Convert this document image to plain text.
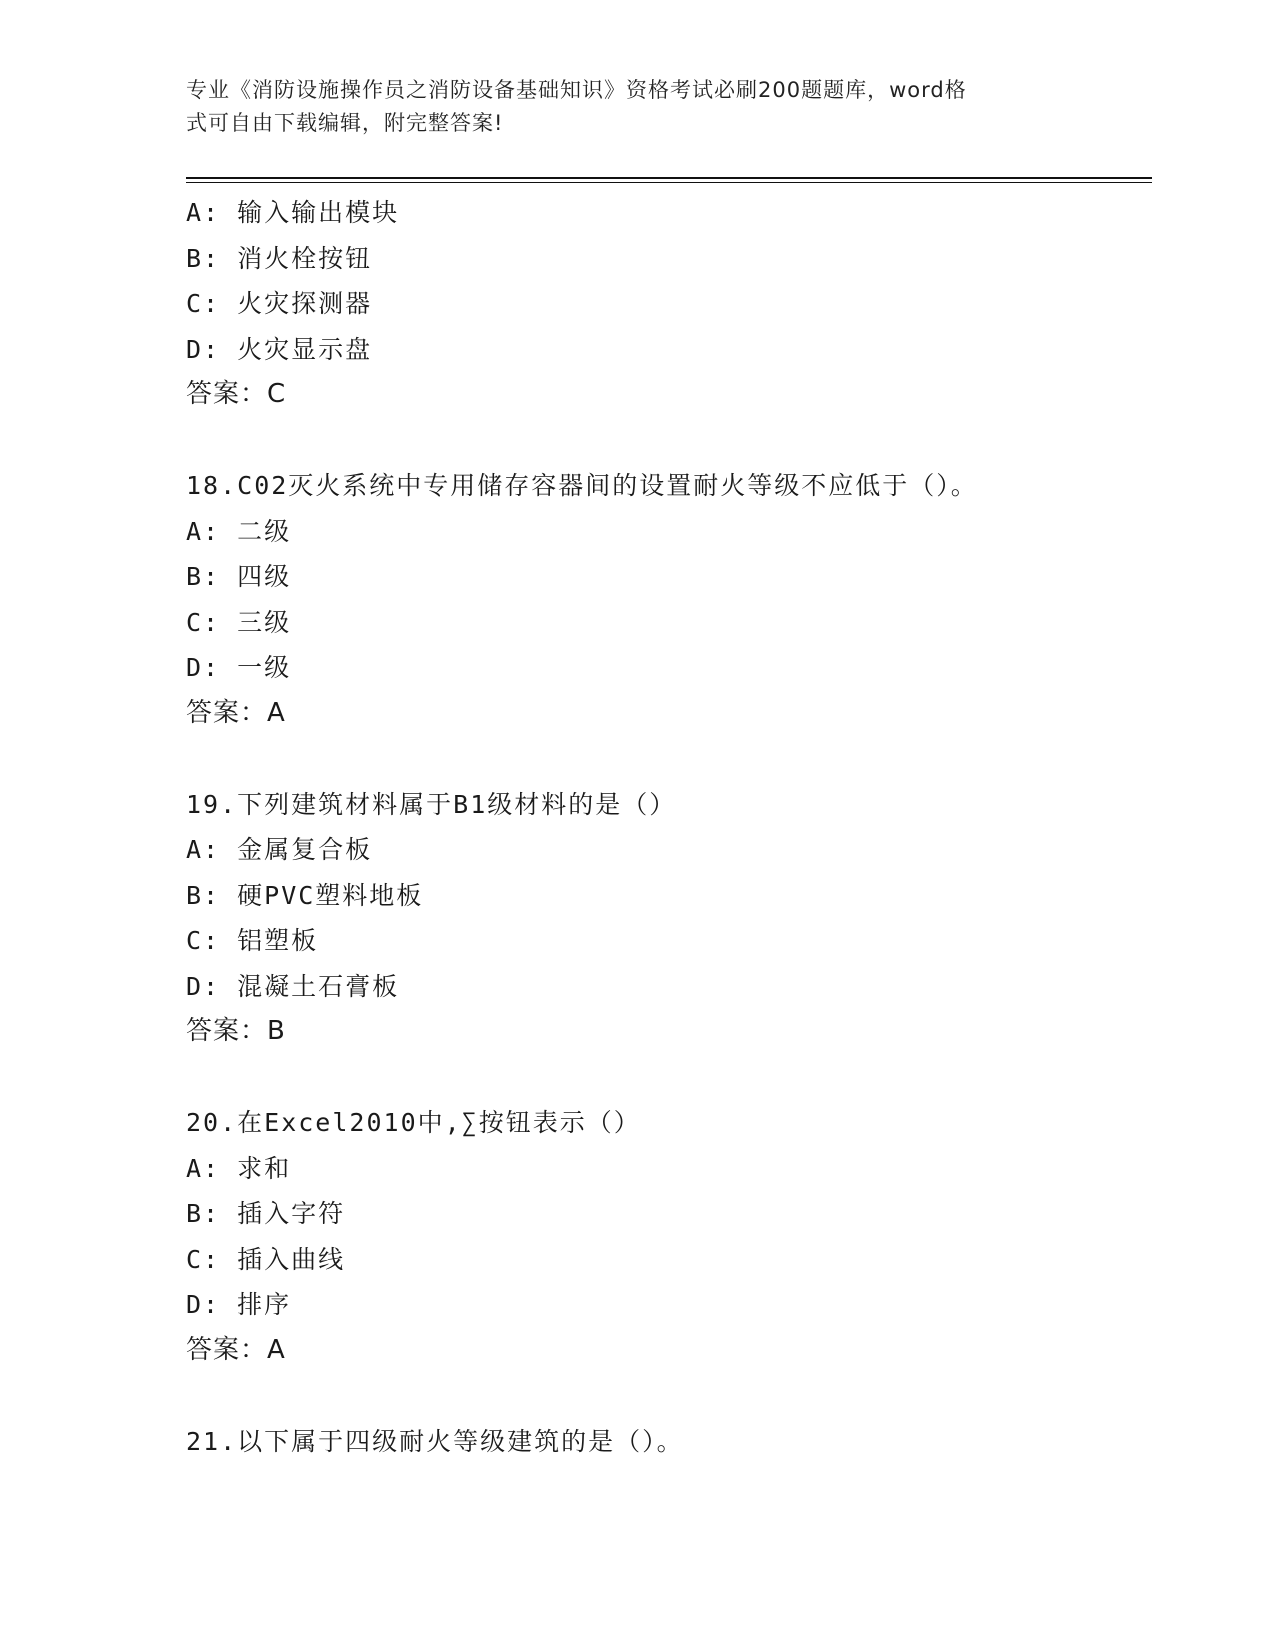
专业《消防设施操作员之消防设备基础知识》资格考试必刷200题题库，word格
式可自由下载编辑，附完整答案!
A: 输入输出模块
B: 消火栓按钮
C: 火灾探测器
D: 火灾显示盘
答案：C
18.C02灭火系统中专用储存容器间的设置耐火等级不应低于（）。
A: 二级
B: 四级
C: 三级
D: 一级
答案：A
19.下列建筑材料属于B1级材料的是（）
A: 金属复合板
B: 硬PVC塑料地板
C: 铝塑板
D: 混凝土石膏板
答案：B
20.在Excel2010中,∑按钮表示（）
A: 求和
B: 插入字符
C: 插入曲线
D: 排序
答案：A
21.以下属于四级耐火等级建筑的是（）。
